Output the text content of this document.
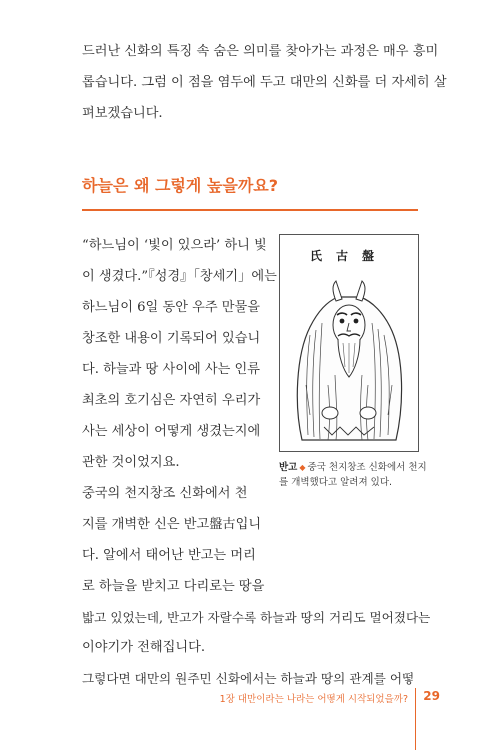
드러난 신화의 특징 속 숨은 의미를 찾아가는 과정은 매우 흥미

롭습니다. 그럼 이 점을 염두에 두고 대만의 신화를 더 자세히 살

펴보겠습니다.

하늘은 왜 그렇게 높을까요?

“하느님이 ‘빛이 있으라’ 하니 빛

이 생겼다.”『성경』「창세기」에는

하느님이 6일 동안 우주 만물을

창조한 내용이 기록되어 있습니

다. 하늘과 땅 사이에 사는 인류

최초의 호기심은 자연히 우리가

사는 세상이 어떻게 생겼는지에

관한 것이었지요.

중국의 천지창조 신화에서 천

지를 개벽한 신은 반고盤古입니

다. 알에서 태어난 반고는 머리

로 하늘을 받치고 다리로는 땅을

밟고 있었는데, 반고가 자랄수록 하늘과 땅의 거리도 멀어졌다는

이야기가 전해집니다.

그렇다면 대만의 원주민 신화에서는 하늘과 땅의 관계를 어떻

氏古盤
반고 ◆ 중국 천지창조 신화에서 천지를 개벽했다고 알려져 있다.
1장 대만이라는 나라는 어떻게 시작되었을까? 29
